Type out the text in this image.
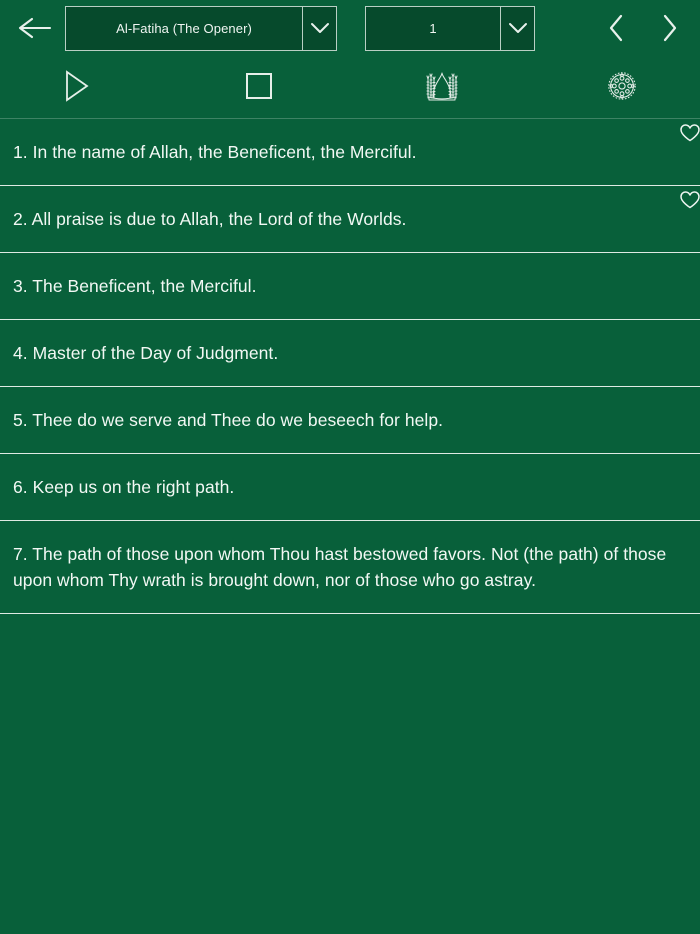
Al-Fatiha (The Opener)	1
1. In the name of Allah, the Beneficent, the Merciful.
2. All praise is due to Allah, the Lord of the Worlds.
3. The Beneficent, the Merciful.
4. Master of the Day of Judgment.
5. Thee do we serve and Thee do we beseech for help.
6. Keep us on the right path.
7. The path of those upon whom Thou hast bestowed favors. Not (the path) of those upon whom Thy wrath is brought down, nor of those who go astray.
